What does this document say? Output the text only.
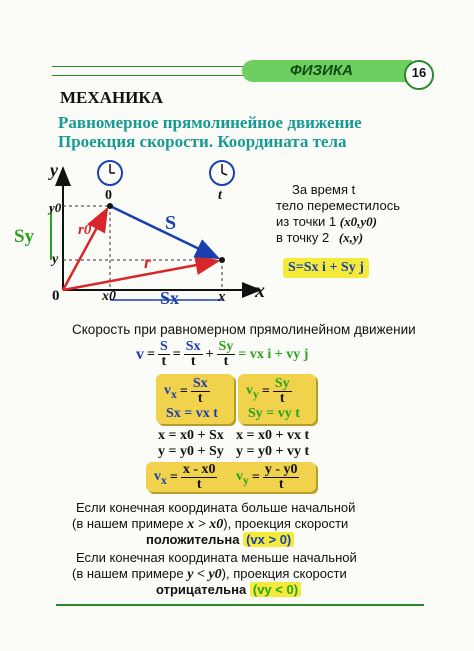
ФИЗИКА	16
МЕХАНИКА
Равномерное прямолинейное движение
Проекция скорости. Координата тела
y
x
0
y0
y
x0	x
0	t
r0
r
S
Sx
Sy
За время t
тело переместилось
из точки 1 (x0,y0)
в точку 2 (x,y)
S=Sx i + Sy j
Скорость при равномерном прямолинейном движении
$v = \frac{S}{t} = \frac{Sx}{t} + \frac{Sy}{t}$ = vx i + vy j
$v_x = \frac{Sx}{t}$	$v_y = \frac{Sy}{t}$
Sx = vx t Sy = vy t
x = x0 + Sx x = x0 + vx t
y = y0 + Sy y = y0 + vy t
$v_x = \frac{x - x0}{t} v_y = \frac{y - y0}{t}$
Если конечная координата больше начальной
(в нашем примере x > x0), проекция скорости
положительна (vx > 0)
Если конечная координата меньше начальной
(в нашем примере y < y0), проекция скорости
отрицательна (vy < 0)
